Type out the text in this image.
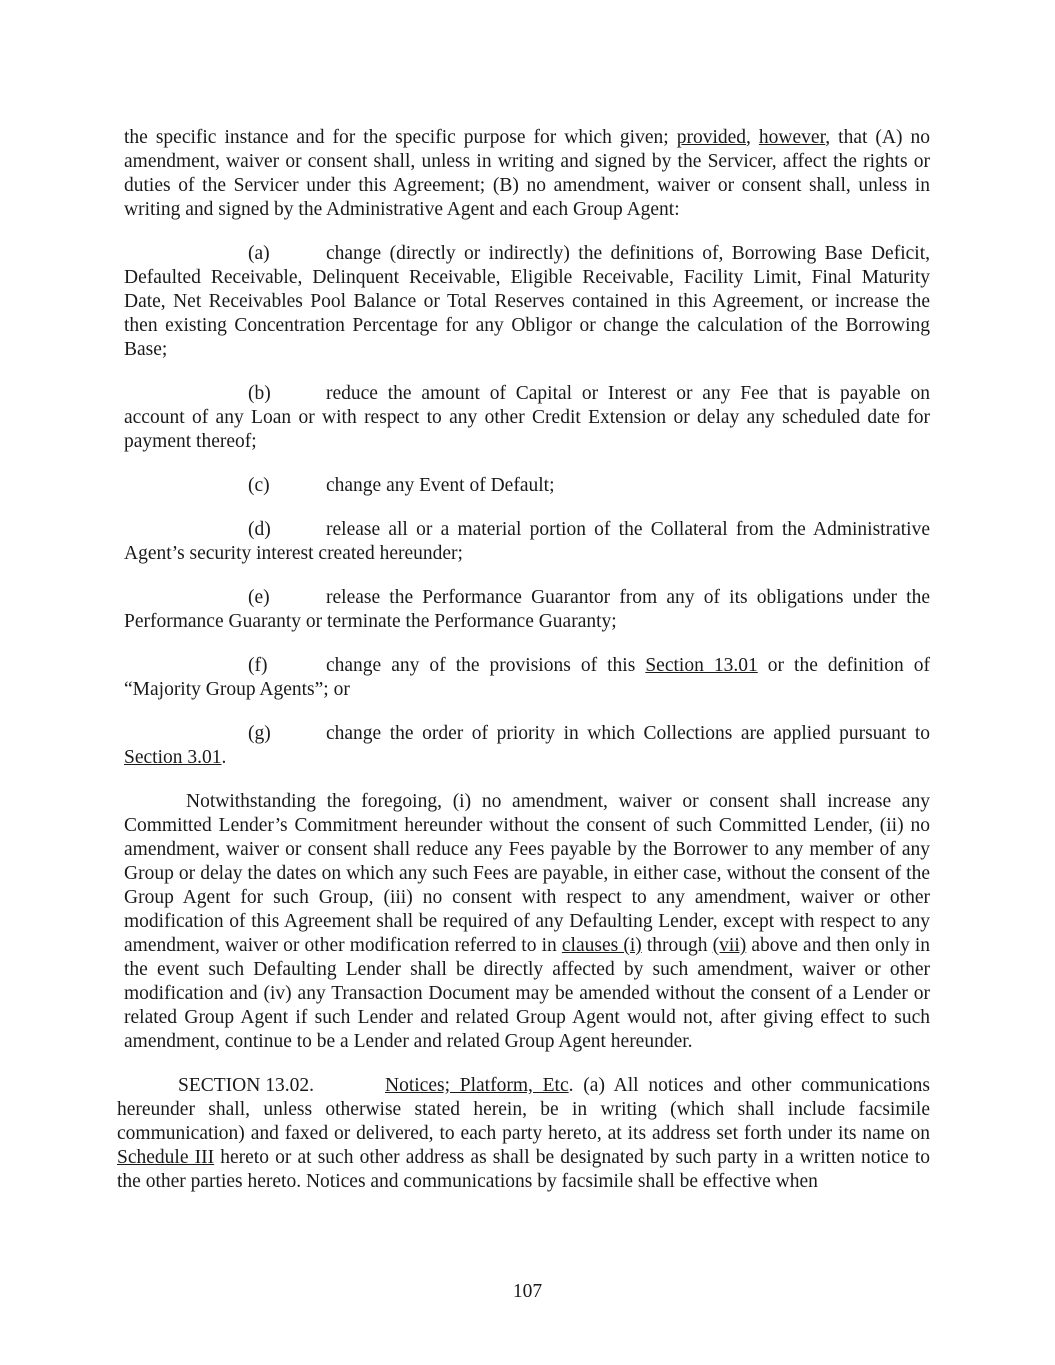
the specific instance and for the specific purpose for which given; provided, however, that (A) no amendment, waiver or consent shall, unless in writing and signed by the Servicer, affect the rights or duties of the Servicer under this Agreement; (B) no amendment, waiver or consent shall, unless in writing and signed by the Administrative Agent and each Group Agent:

(a)	change (directly or indirectly) the definitions of, Borrowing Base Deficit, Defaulted Receivable, Delinquent Receivable, Eligible Receivable, Facility Limit, Final Maturity Date, Net Receivables Pool Balance or Total Reserves contained in this Agreement, or increase the then existing Concentration Percentage for any Obligor or change the calculation of the Borrowing Base;

(b)	reduce the amount of Capital or Interest or any Fee that is payable on account of any Loan or with respect to any other Credit Extension or delay any scheduled date for payment thereof;

(c)	change any Event of Default;

(d)	release all or a material portion of the Collateral from the Administrative Agent’s security interest created hereunder;

(e)	release the Performance Guarantor from any of its obligations under the Performance Guaranty or terminate the Performance Guaranty;

(f)	change any of the provisions of this Section 13.01 or the definition of “Majority Group Agents”; or

(g)	change the order of priority in which Collections are applied pursuant to Section 3.01.

Notwithstanding the foregoing, (i) no amendment, waiver or consent shall increase any Committed Lender’s Commitment hereunder without the consent of such Committed Lender, (ii) no amendment, waiver or consent shall reduce any Fees payable by the Borrower to any member of any Group or delay the dates on which any such Fees are payable, in either case, without the consent of the Group Agent for such Group, (iii) no consent with respect to any amendment, waiver or other modification of this Agreement shall be required of any Defaulting Lender, except with respect to any amendment, waiver or other modification referred to in clauses (i) through (vii) above and then only in the event such Defaulting Lender shall be directly affected by such amendment, waiver or other modification and (iv) any Transaction Document may be amended without the consent of a Lender or related Group Agent if such Lender and related Group Agent would not, after giving effect to such amendment, continue to be a Lender and related Group Agent hereunder.

SECTION 13.02.	Notices; Platform, Etc. (a) All notices and other communications hereunder shall, unless otherwise stated herein, be in writing (which shall include facsimile communication) and faxed or delivered, to each party hereto, at its address set forth under its name on Schedule III hereto or at such other address as shall be designated by such party in a written notice to the other parties hereto. Notices and communications by facsimile shall be effective when

107
